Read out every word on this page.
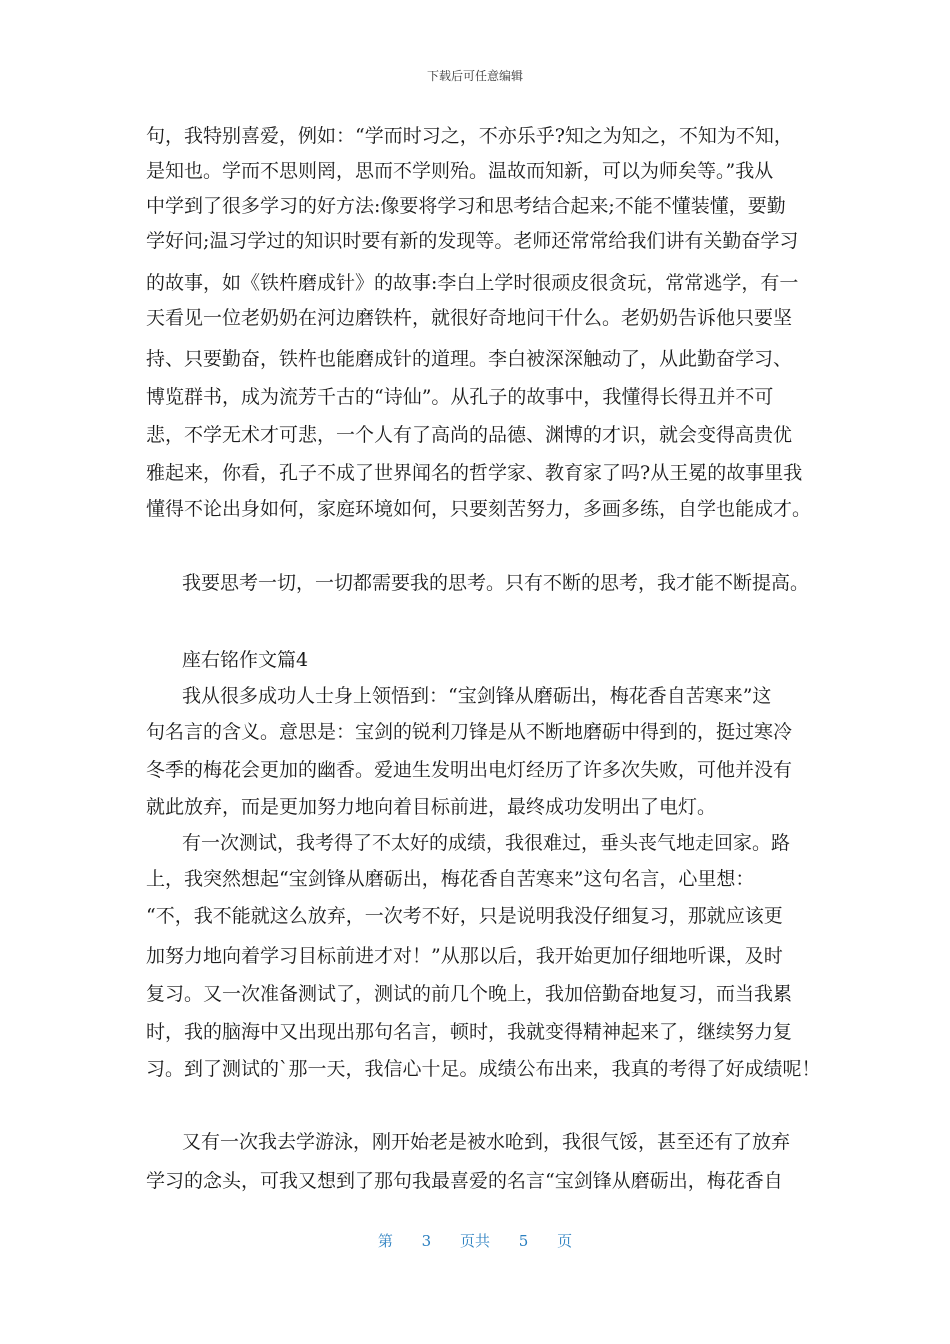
下载后可任意编辑
句，我特别喜爱，例如：“学而时习之，不亦乐乎?知之为知之，不知为不知，
是知也。学而不思则罔，思而不学则殆。温故而知新，可以为师矣等。”我从
中学到了很多学习的好方法:像要将学习和思考结合起来;不能不懂装懂，要勤
学好问;温习学过的知识时要有新的发现等。老师还常常给我们讲有关勤奋学习
的故事，如《铁杵磨成针》的故事:李白上学时很顽皮很贪玩，常常逃学，有一
天看见一位老奶奶在河边磨铁杵，就很好奇地问干什么。老奶奶告诉他只要坚
持、只要勤奋，铁杵也能磨成针的道理。李白被深深触动了，从此勤奋学习、
博览群书，成为流芳千古的“诗仙”。从孔子的故事中，我懂得长得丑并不可
悲，不学无术才可悲，一个人有了高尚的品德、渊博的才识，就会变得高贵优
雅起来，你看，孔子不成了世界闻名的哲学家、教育家了吗?从王冕的故事里我
懂得不论出身如何，家庭环境如何，只要刻苦努力，多画多练，自学也能成才。
我要思考一切，一切都需要我的思考。只有不断的思考，我才能不断提高。
座右铭作文篇4
我从很多成功人士身上领悟到：“宝剑锋从磨砺出，梅花香自苦寒来”这
句名言的含义。意思是：宝剑的锐利刀锋是从不断地磨砺中得到的，挺过寒冷
冬季的梅花会更加的幽香。爱迪生发明出电灯经历了许多次失败，可他并没有
就此放弃，而是更加努力地向着目标前进，最终成功发明出了电灯。
有一次测试，我考得了不太好的成绩，我很难过，垂头丧气地走回家。路
上，我突然想起“宝剑锋从磨砺出，梅花香自苦寒来”这句名言，心里想：
“不，我不能就这么放弃，一次考不好，只是说明我没仔细复习，那就应该更
加努力地向着学习目标前进才对！”从那以后，我开始更加仔细地听课，及时
复习。又一次准备测试了，测试的前几个晚上，我加倍勤奋地复习，而当我累
时，我的脑海中又出现出那句名言，顿时，我就变得精神起来了，继续努力复
习。到了测试的`那一天，我信心十足。成绩公布出来，我真的考得了好成绩呢！
又有一次我去学游泳，刚开始老是被水呛到，我很气馁，甚至还有了放弃
学习的念头，可我又想到了那句我最喜爱的名言“宝剑锋从磨砺出，梅花香自
第 3 页共 5 页
